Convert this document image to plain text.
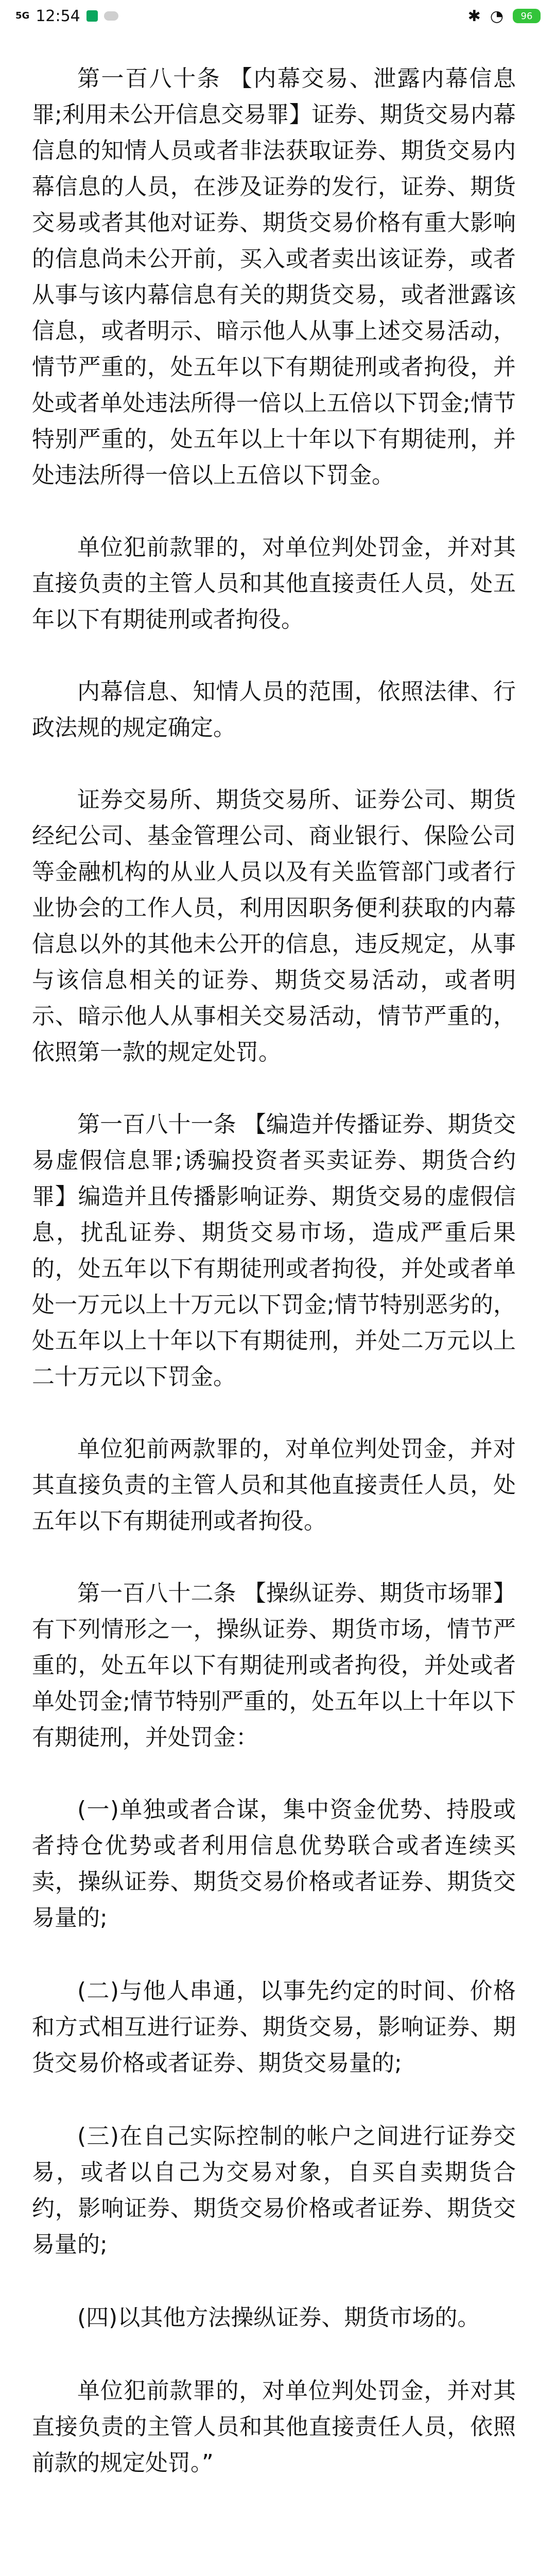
5G 12:54	✱ ◔	96

第一百八十条 【内幕交易、泄露内幕信息罪;利用未公开信息交易罪】证券、期货交易内幕信息的知情人员或者非法获取证券、期货交易内幕信息的人员，在涉及证券的发行，证券、期货交易或者其他对证券、期货交易价格有重大影响的信息尚未公开前，买入或者卖出该证券，或者从事与该内幕信息有关的期货交易，或者泄露该信息，或者明示、暗示他人从事上述交易活动，情节严重的，处五年以下有期徒刑或者拘役，并处或者单处违法所得一倍以上五倍以下罚金;情节特别严重的，处五年以上十年以下有期徒刑，并处违法所得一倍以上五倍以下罚金。

单位犯前款罪的，对单位判处罚金，并对其直接负责的主管人员和其他直接责任人员，处五年以下有期徒刑或者拘役。

内幕信息、知情人员的范围，依照法律、行政法规的规定确定。

证券交易所、期货交易所、证券公司、期货经纪公司、基金管理公司、商业银行、保险公司等金融机构的从业人员以及有关监管部门或者行业协会的工作人员，利用因职务便利获取的内幕信息以外的其他未公开的信息，违反规定，从事与该信息相关的证券、期货交易活动，或者明示、暗示他人从事相关交易活动，情节严重的，依照第一款的规定处罚。

第一百八十一条 【编造并传播证券、期货交易虚假信息罪;诱骗投资者买卖证券、期货合约罪】编造并且传播影响证券、期货交易的虚假信息，扰乱证券、期货交易市场，造成严重后果的，处五年以下有期徒刑或者拘役，并处或者单处一万元以上十万元以下罚金;情节特别恶劣的，处五年以上十年以下有期徒刑，并处二万元以上二十万元以下罚金。

单位犯前两款罪的，对单位判处罚金，并对其直接负责的主管人员和其他直接责任人员，处五年以下有期徒刑或者拘役。

第一百八十二条 【操纵证券、期货市场罪】有下列情形之一，操纵证券、期货市场，情节严重的，处五年以下有期徒刑或者拘役，并处或者单处罚金;情节特别严重的，处五年以上十年以下有期徒刑，并处罚金：

(一)单独或者合谋，集中资金优势、持股或者持仓优势或者利用信息优势联合或者连续买卖，操纵证券、期货交易价格或者证券、期货交易量的;

(二)与他人串通，以事先约定的时间、价格和方式相互进行证券、期货交易，影响证券、期货交易价格或者证券、期货交易量的;

(三)在自己实际控制的帐户之间进行证券交易，或者以自己为交易对象，自买自卖期货合约，影响证券、期货交易价格或者证券、期货交易量的;

(四)以其他方法操纵证券、期货市场的。

单位犯前款罪的，对单位判处罚金，并对其直接负责的主管人员和其他直接责任人员，依照前款的规定处罚。”
